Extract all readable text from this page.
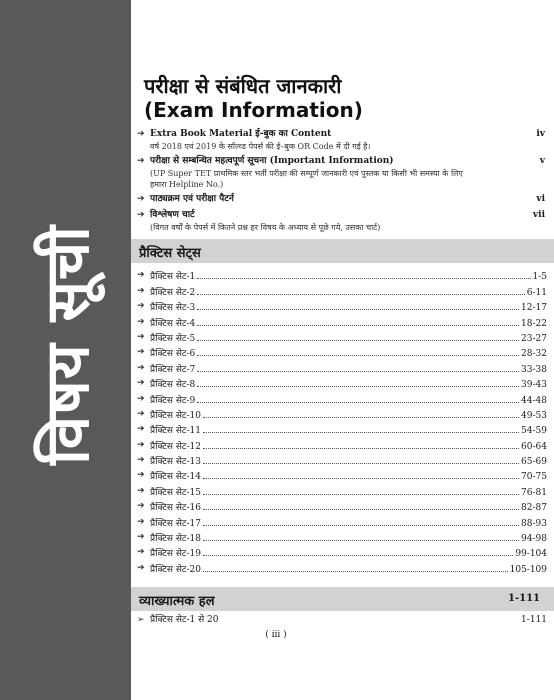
विषय सूची
परीक्षा से संबंधित जानकारी
(Exam Information)
➔ Extra Book Material ई-बुक का Content	iv
वर्ष 2018 एवं 2019 के सॉल्व्ड पेपर्स की ई–बुक OR Code में दी गई है।
➔ परीक्षा से सम्बन्धित महत्वपूर्ण सूचना (Important Information)	v
(UP Super TET प्राथमिक स्तर भर्ती परीक्षा की सम्पूर्ण जानकारी एवं पुस्तक या किसी भी समस्या के लिए हमारा Helpline No.)
➔ पाठ्यक्रम एवं परीक्षा पैटर्न	vi
➔ विश्लेषण चार्ट	vii
(विगत वर्षों के पेपर्स में कितने प्रश्न हर विषय के अध्याय से पूछे गये, उसका चार्ट)
प्रैक्टिस सेट्स
➔ प्रैक्टिस सेट-1	1-5
➔ प्रैक्टिस सेट-2	6-11
➔ प्रैक्टिस सेट-3	12-17
➔ प्रैक्टिस सेट-4	18-22
➔ प्रैक्टिस सेट-5	23-27
➔ प्रैक्टिस सेट-6	28-32
➔ प्रैक्टिस सेट-7	33-38
➔ प्रैक्टिस सेट-8	39-43
➔ प्रैक्टिस सेट-9	44-48
➔ प्रैक्टिस सेट-10	49-53
➔ प्रैक्टिस सेट-11	54-59
➔ प्रैक्टिस सेट-12	60-64
➔ प्रैक्टिस सेट-13	65-69
➔ प्रैक्टिस सेट-14	70-75
➔ प्रैक्टिस सेट-15	76-81
➔ प्रैक्टिस सेट-16	82-87
➔ प्रैक्टिस सेट-17	88-93
➔ प्रैक्टिस सेट-18	94-98
➔ प्रैक्टिस सेट-19	99-104
➔ प्रैक्टिस सेट-20	105-109
व्याख्यात्मक हल	1-111
➢ प्रैक्टिस सेट-1 से 20	1-111
( iii )
